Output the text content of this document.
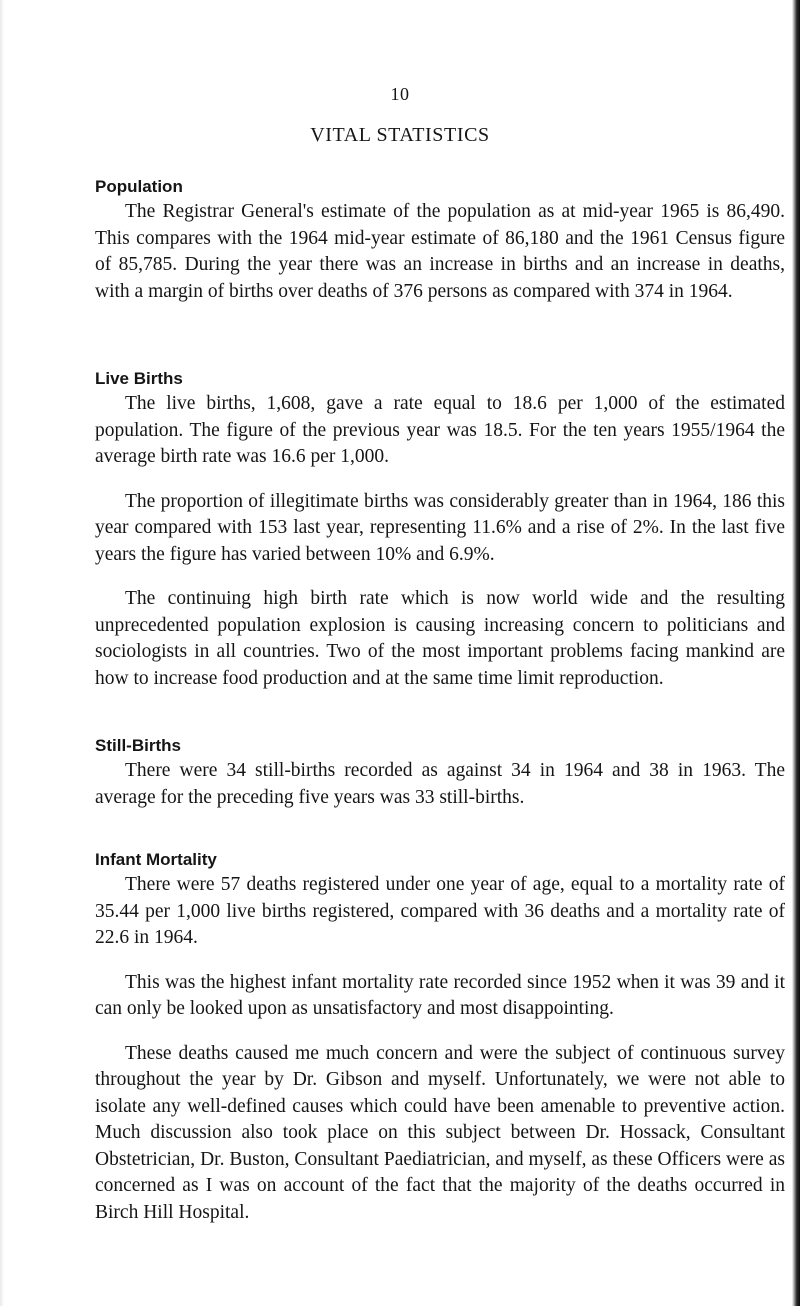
10
VITAL STATISTICS
Population

The Registrar General's estimate of the population as at mid-year 1965 is 86,490. This compares with the 1964 mid-year estimate of 86,180 and the 1961 Census figure of 85,785. During the year there was an increase in births and an increase in deaths, with a margin of births over deaths of 376 persons as compared with 374 in 1964.

Live Births

The live births, 1,608, gave a rate equal to 18.6 per 1,000 of the estimated population. The figure of the previous year was 18.5. For the ten years 1955/1964 the average birth rate was 16.6 per 1,000.

The proportion of illegitimate births was considerably greater than in 1964, 186 this year compared with 153 last year, representing 11.6% and a rise of 2%. In the last five years the figure has varied between 10% and 6.9%.

The continuing high birth rate which is now world wide and the resulting unprecedented population explosion is causing increasing concern to politicians and sociologists in all countries. Two of the most important problems facing mankind are how to increase food production and at the same time limit reproduction.

Still-Births

There were 34 still-births recorded as against 34 in 1964 and 38 in 1963. The average for the preceding five years was 33 still-births.

Infant Mortality

There were 57 deaths registered under one year of age, equal to a mortality rate of 35.44 per 1,000 live births registered, compared with 36 deaths and a mortality rate of 22.6 in 1964.

This was the highest infant mortality rate recorded since 1952 when it was 39 and it can only be looked upon as unsatisfactory and most disappointing.

These deaths caused me much concern and were the subject of continuous survey throughout the year by Dr. Gibson and myself. Unfortunately, we were not able to isolate any well-defined causes which could have been amenable to preventive action. Much discussion also took place on this subject between Dr. Hossack, Consultant Obstetrician, Dr. Buston, Consultant Paediatrician, and myself, as these Officers were as concerned as I was on account of the fact that the majority of the deaths occurred in Birch Hill Hospital.
